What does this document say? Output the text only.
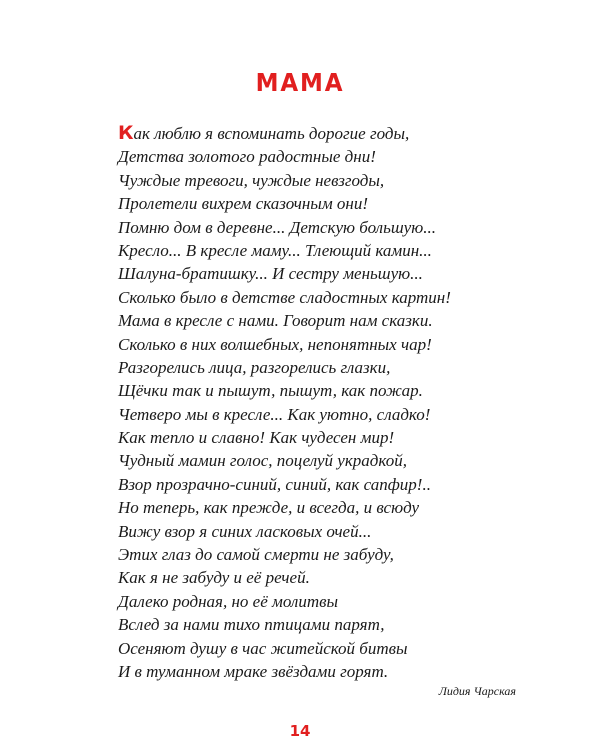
МАМА
Как люблю я вспоминать дорогие годы,
Детства золотого радостные дни!
Чуждые тревоги, чуждые невзгоды,
Пролетели вихрем сказочным они!
Помню дом в деревне... Детскую большую...
Кресло... В кресле маму... Тлеющий камин...
Шалуна-братишку... И сестру меньшую...
Сколько было в детстве сладостных картин!
Мама в кресле с нами. Говорит нам сказки.
Сколько в них волшебных, непонятных чар!
Разгорелись лица, разгорелись глазки,
Щёчки так и пышут, пышут, как пожар.
Четверо мы в кресле... Как уютно, сладко!
Как тепло и славно! Как чудесен мир!
Чудный мамин голос, поцелуй украдкой,
Взор прозрачно-синий, синий, как сапфир!..
Но теперь, как прежде, и всегда, и всюду
Вижу взор я синих ласковых очей...
Этих глаз до самой смерти не забуду,
Как я не забуду и её речей.
Далеко родная, но её молитвы
Вслед за нами тихо птицами парят,
Осеняют душу в час житейской битвы
И в туманном мраке звёздами горят.
Лидия Чарская
14
